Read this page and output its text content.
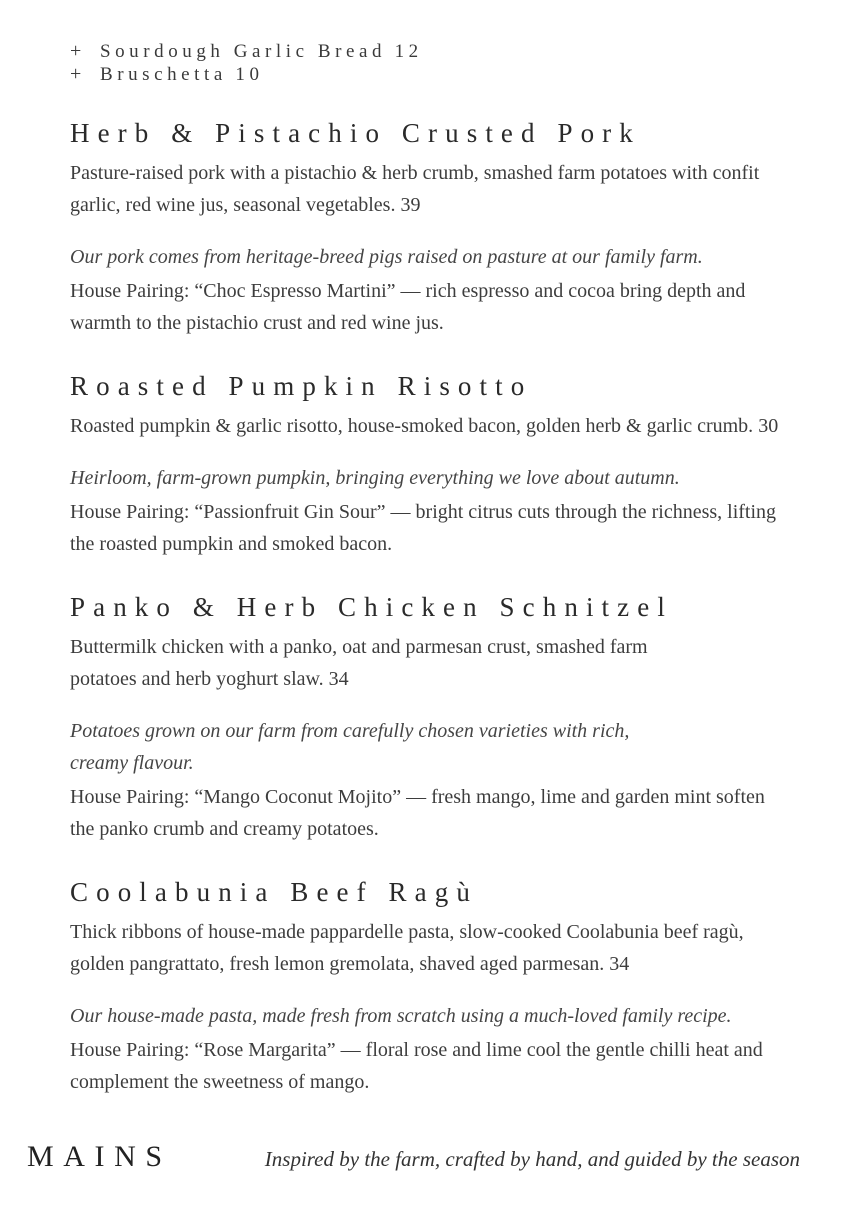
+ Sourdough Garlic Bread 12
+ Bruschetta 10
Herb & Pistachio Crusted Pork

Pasture-raised pork with a pistachio & herb crumb, smashed farm potatoes with confit garlic, red wine jus, seasonal vegetables. 39

Our pork comes from heritage-breed pigs raised on pasture at our family farm.

House Pairing: “Choc Espresso Martini” — rich espresso and cocoa bring depth and warmth to the pistachio crust and red wine jus.

Roasted Pumpkin Risotto

Roasted pumpkin & garlic risotto, house-smoked bacon, golden herb & garlic crumb. 30

Heirloom, farm-grown pumpkin, bringing everything we love about autumn.

House Pairing: “Passionfruit Gin Sour” — bright citrus cuts through the richness, lifting the roasted pumpkin and smoked bacon.

Panko & Herb Chicken Schnitzel

Buttermilk chicken with a panko, oat and parmesan crust, smashed farm potatoes and herb yoghurt slaw. 34

Potatoes grown on our farm from carefully chosen varieties with rich, creamy flavour.

House Pairing: “Mango Coconut Mojito” — fresh mango, lime and garden mint soften the panko crumb and creamy potatoes.

Coolabunia Beef Ragù

Thick ribbons of house-made pappardelle pasta, slow-cooked Coolabunia beef ragù, golden pangrattato, fresh lemon gremolata, shaved aged parmesan. 34

Our house-made pasta, made fresh from scratch using a much-loved family recipe.

House Pairing: “Rose Margarita” — floral rose and lime cool the gentle chilli heat and complement the sweetness of mango.

MAINS	Inspired by the farm, crafted by hand, and guided by the season
